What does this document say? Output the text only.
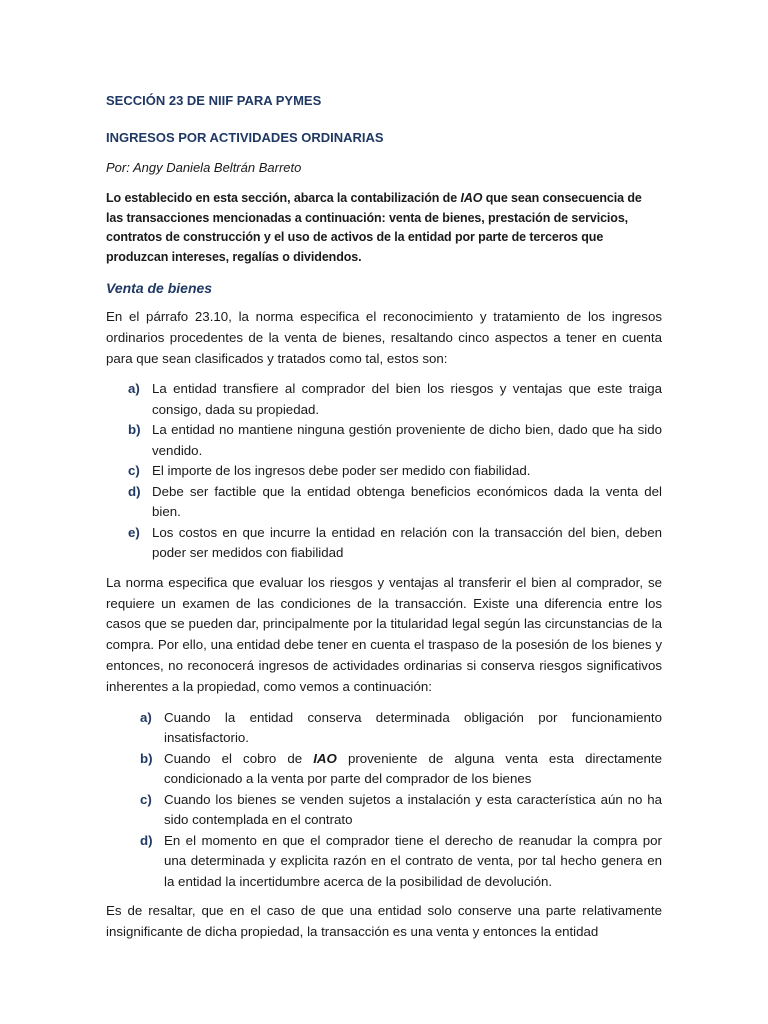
SECCIÓN 23 DE NIIF PARA PYMES
INGRESOS POR ACTIVIDADES ORDINARIAS

Por: Angy Daniela Beltrán Barreto

Lo establecido en esta sección, abarca la contabilización de IAO que sean consecuencia de las transacciones mencionadas a continuación: venta de bienes, prestación de servicios, contratos de construcción y el uso de activos de la entidad por parte de terceros que produzcan intereses, regalías o dividendos.

Venta de bienes

En el párrafo 23.10, la norma especifica el reconocimiento y tratamiento de los ingresos ordinarios procedentes de la venta de bienes, resaltando cinco aspectos a tener en cuenta para que sean clasificados y tratados como tal, estos son:

a) La entidad transfiere al comprador del bien los riesgos y ventajas que este traiga consigo, dada su propiedad.
b) La entidad no mantiene ninguna gestión proveniente de dicho bien, dado que ha sido vendido.
c) El importe de los ingresos debe poder ser medido con fiabilidad.
d) Debe ser factible que la entidad obtenga beneficios económicos dada la venta del bien.
e) Los costos en que incurre la entidad en relación con la transacción del bien, deben poder ser medidos con fiabilidad

La norma especifica que evaluar los riesgos y ventajas al transferir el bien al comprador, se requiere un examen de las condiciones de la transacción. Existe una diferencia entre los casos que se pueden dar, principalmente por la titularidad legal según las circunstancias de la compra. Por ello, una entidad debe tener en cuenta el traspaso de la posesión de los bienes y entonces, no reconocerá ingresos de actividades ordinarias si conserva riesgos significativos inherentes a la propiedad, como vemos a continuación:

a) Cuando la entidad conserva determinada obligación por funcionamiento insatisfactorio.
b) Cuando el cobro de IAO proveniente de alguna venta esta directamente condicionado a la venta por parte del comprador de los bienes
c) Cuando los bienes se venden sujetos a instalación y esta característica aún no ha sido contemplada en el contrato
d) En el momento en que el comprador tiene el derecho de reanudar la compra por una determinada y explicita razón en el contrato de venta, por tal hecho genera en la entidad la incertidumbre acerca de la posibilidad de devolución.

Es de resaltar, que en el caso de que una entidad solo conserve una parte relativamente insignificante de dicha propiedad, la transacción es una venta y entonces la entidad
